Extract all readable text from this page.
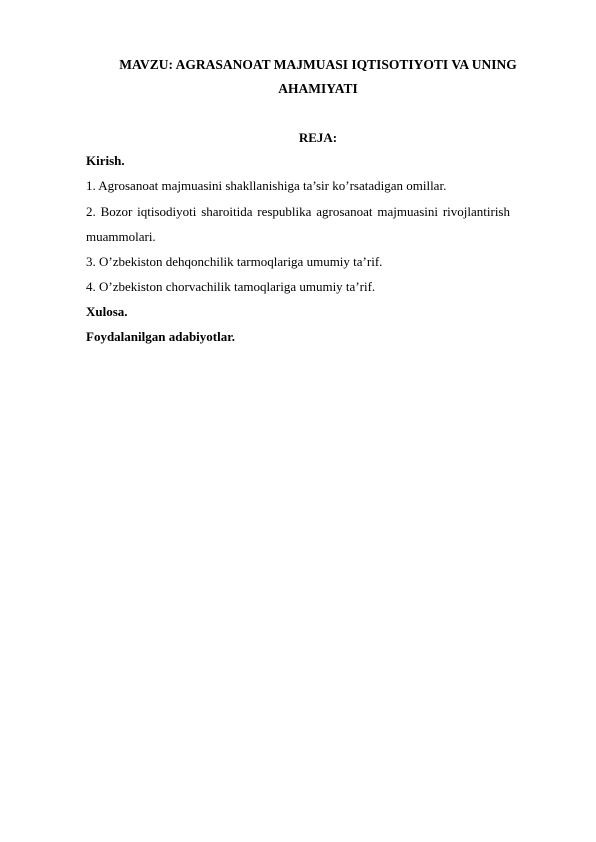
MAVZU: AGRASANOAT MAJMUASI IQTISOTIYOTI VA UNING

AHAMIYATI

REJA:

Kirish.

1. Agrosanoat majmuasini shakllanishiga ta’sir ko’rsatadigan omillar.

2. Bozor iqtisodiyoti sharoitida respublika agrosanoat majmuasini rivojlantirish

muammolari.

3. O’zbekiston dehqonchilik tarmoqlariga umumiy ta’rif.

4. O’zbekiston chorvachilik tamoqlariga umumiy ta’rif.

Xulosa.

Foydalanilgan adabiyotlar.
